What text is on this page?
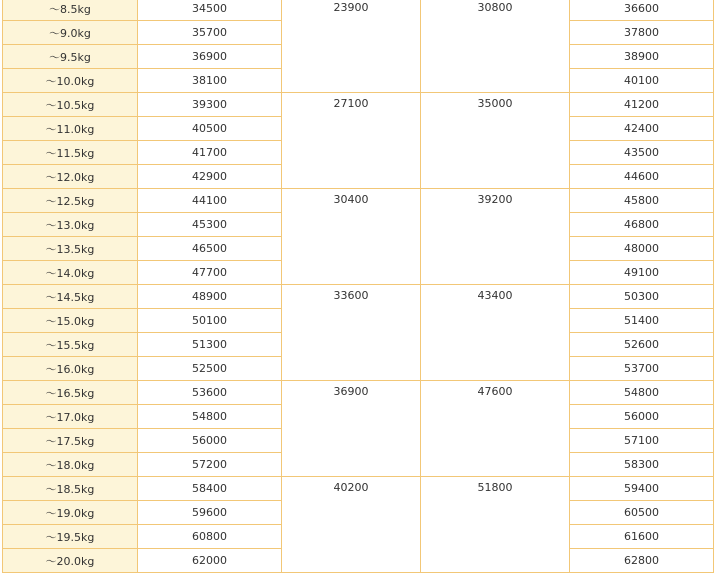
～8.5kg	34500	23900	30800	36600
～9.0kg	35700			37800
～9.5kg	36900			38900
～10.0kg	38100			40100
～10.5kg	39300	27100	35000	41200
～11.0kg	40500			42400
～11.5kg	41700			43500
～12.0kg	42900			44600
～12.5kg	44100	30400	39200	45800
～13.0kg	45300			46800
～13.5kg	46500			48000
～14.0kg	47700			49100
～14.5kg	48900	33600	43400	50300
～15.0kg	50100			51400
～15.5kg	51300			52600
～16.0kg	52500			53700
～16.5kg	53600	36900	47600	54800
～17.0kg	54800			56000
～17.5kg	56000			57100
～18.0kg	57200			58300
～18.5kg	58400	40200	51800	59400
～19.0kg	59600			60500
～19.5kg	60800			61600
～20.0kg	62000			62800
